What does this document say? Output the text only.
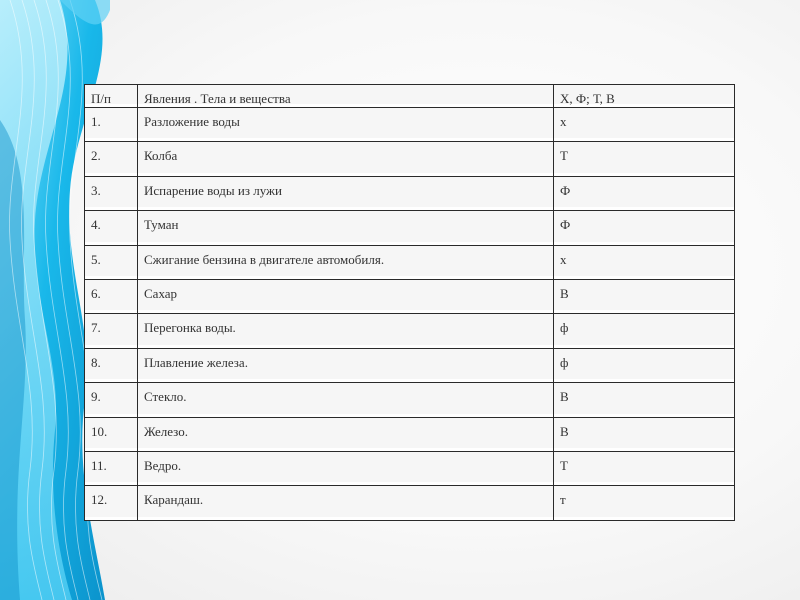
П/п	Явления . Тела и вещества	Х, Ф; Т, В
1.	Разложение воды	х
2.	Колба	Т
3.	Испарение воды из лужи	Ф
4.	Туман	Ф
5.	Сжигание бензина в двигателе автомобиля.	х
6.	Сахар	В
7.	Перегонка воды.	ф
8.	Плавление железа.	ф
9.	Стекло.	В
10.	Железо.	В
11.	Ведро.	Т
12.	Карандаш.	т
